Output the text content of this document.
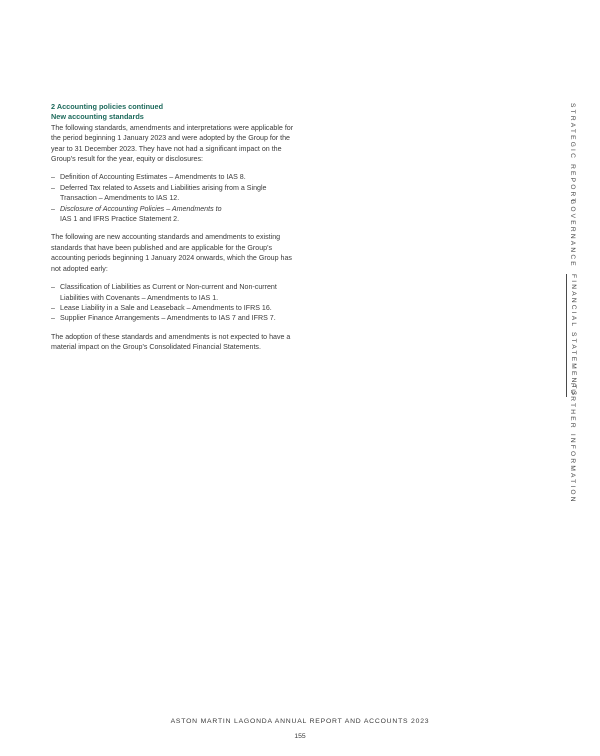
2 Accounting policies continued
New accounting standards

The following standards, amendments and interpretations were applicable for the period beginning 1 January 2023 and were adopted by the Group for the year to 31 December 2023. They have not had a significant impact on the Group's result for the year, equity or disclosures:

– Definition of Accounting Estimates – Amendments to IAS 8.
– Deferred Tax related to Assets and Liabilities arising from a Single Transaction – Amendments to IAS 12.
– Disclosure of Accounting Policies – Amendments to
IAS 1 and IFRS Practice Statement 2.

The following are new accounting standards and amendments to existing standards that have been published and are applicable for the Group's accounting periods beginning 1 January 2024 onwards, which the Group has not adopted early:

– Classification of Liabilities as Current or Non-current and Non-current Liabilities with Covenants – Amendments to IAS 1.
– Lease Liability in a Sale and Leaseback – Amendments to IFRS 16.
– Supplier Finance Arrangements – Amendments to IAS 7 and IFRS 7.

The adoption of these standards and amendments is not expected to have a material impact on the Group's Consolidated Financial Statements.

STRATEGIC REPORT
GOVERNANCE
FINANCIAL STATEMENTS
FURTHER INFORMATION
ASTON MARTIN LAGONDA ANNUAL REPORT AND ACCOUNTS 2023
155
